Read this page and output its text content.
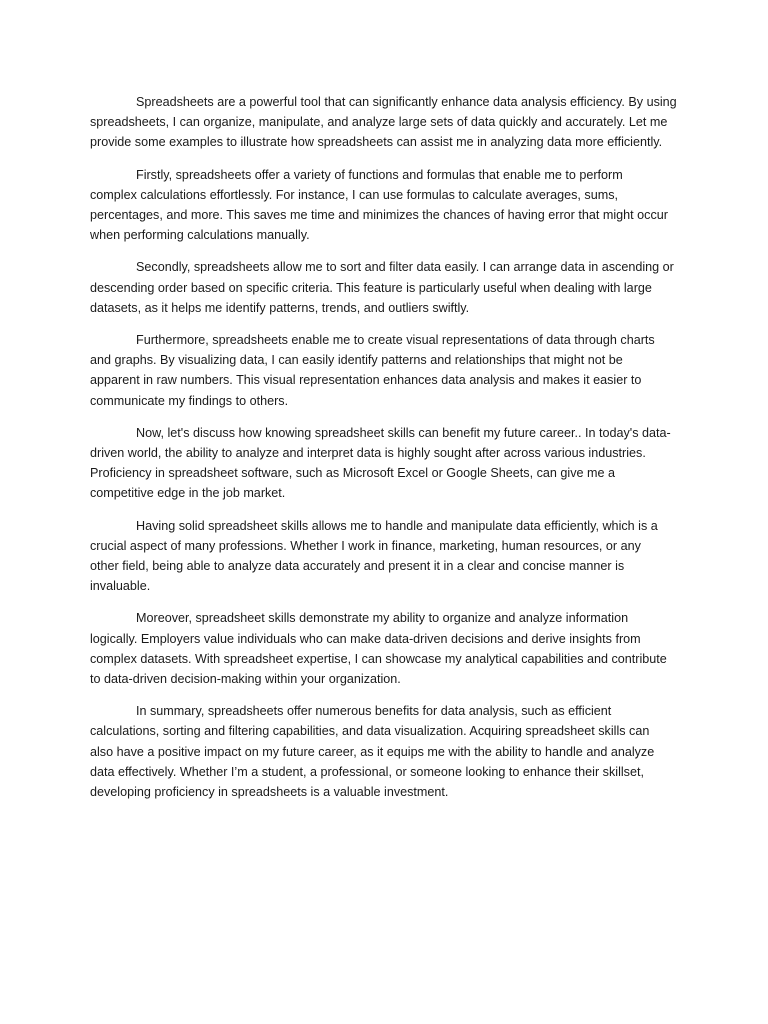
Spreadsheets are a powerful tool that can significantly enhance data analysis efficiency. By using
spreadsheets, I can organize, manipulate, and analyze large sets of data quickly and accurately. Let me
provide some examples to illustrate how spreadsheets can assist me in analyzing data more efficiently.

Firstly, spreadsheets offer a variety of functions and formulas that enable me to perform
complex calculations effortlessly. For instance, I can use formulas to calculate averages, sums,
percentages, and more. This saves me time and minimizes the chances of having error that might occur
when performing calculations manually.

Secondly, spreadsheets allow me to sort and filter data easily. I can arrange data in ascending or
descending order based on specific criteria. This feature is particularly useful when dealing with large
datasets, as it helps me identify patterns, trends, and outliers swiftly.

Furthermore, spreadsheets enable me to create visual representations of data through charts
and graphs. By visualizing data, I can easily identify patterns and relationships that might not be
apparent in raw numbers. This visual representation enhances data analysis and makes it easier to
communicate my findings to others.

Now, let's discuss how knowing spreadsheet skills can benefit my future career.. In today's data-
driven world, the ability to analyze and interpret data is highly sought after across various industries.
Proficiency in spreadsheet software, such as Microsoft Excel or Google Sheets, can give me a
competitive edge in the job market.

Having solid spreadsheet skills allows me to handle and manipulate data efficiently, which is a
crucial aspect of many professions. Whether I work in finance, marketing, human resources, or any
other field, being able to analyze data accurately and present it in a clear and concise manner is
invaluable.

Moreover, spreadsheet skills demonstrate my ability to organize and analyze information
logically. Employers value individuals who can make data-driven decisions and derive insights from
complex datasets. With spreadsheet expertise, I can showcase my analytical capabilities and contribute
to data-driven decision-making within your organization.

In summary, spreadsheets offer numerous benefits for data analysis, such as efficient
calculations, sorting and filtering capabilities, and data visualization. Acquiring spreadsheet skills can
also have a positive impact on my future career, as it equips me with the ability to handle and analyze
data effectively. Whether I’m a student, a professional, or someone looking to enhance their skillset,
developing proficiency in spreadsheets is a valuable investment.
